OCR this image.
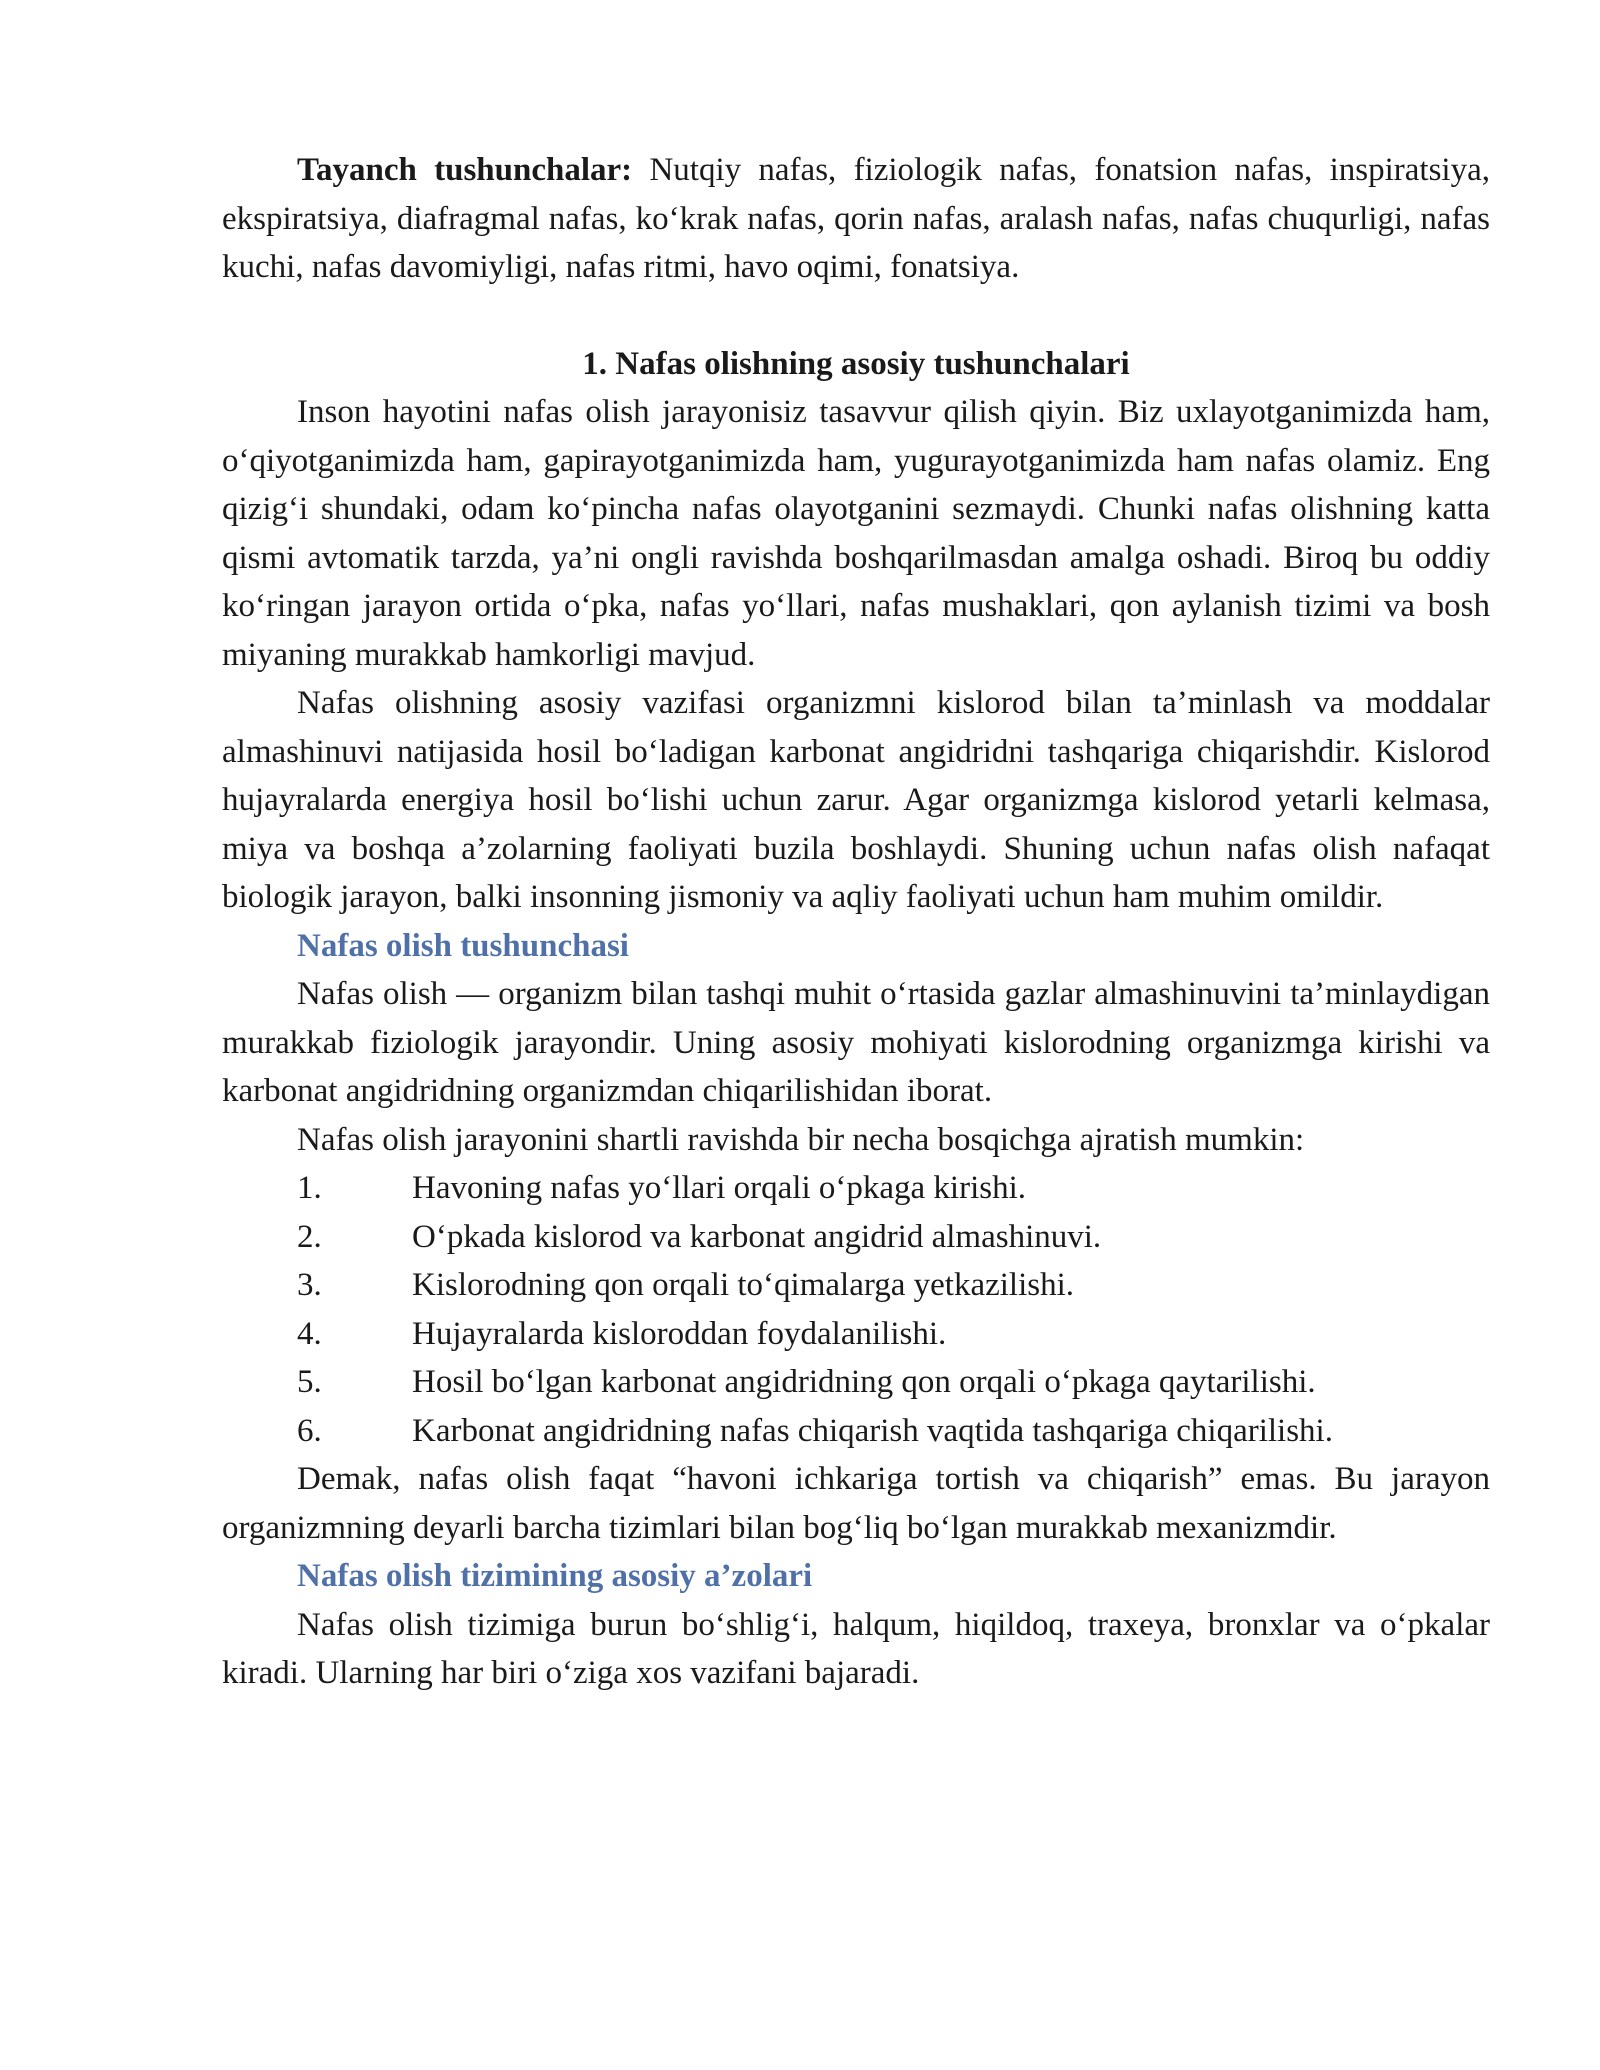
Tayanch tushunchalar: Nutqiy nafas, fiziologik nafas, fonatsion nafas, inspiratsiya, ekspiratsiya, diafragmal nafas, ko‘krak nafas, qorin nafas, aralash nafas, nafas chuqurligi, nafas kuchi, nafas davomiyligi, nafas ritmi, havo oqimi, fonatsiya.

1. Nafas olishning asosiy tushunchalari

Inson hayotini nafas olish jarayonisiz tasavvur qilish qiyin. Biz uxlayotganimizda ham, o‘qiyotganimizda ham, gapirayotganimizda ham, yugurayotganimizda ham nafas olamiz. Eng qizig‘i shundaki, odam ko‘pincha nafas olayotganini sezmaydi. Chunki nafas olishning katta qismi avtomatik tarzda, ya’ni ongli ravishda boshqarilmasdan amalga oshadi. Biroq bu oddiy ko‘ringan jarayon ortida o‘pka, nafas yo‘llari, nafas mushaklari, qon aylanish tizimi va bosh miyaning murakkab hamkorligi mavjud.

Nafas olishning asosiy vazifasi organizmni kislorod bilan ta’minlash va moddalar almashinuvi natijasida hosil bo‘ladigan karbonat angidridni tashqariga chiqarishdir. Kislorod hujayralarda energiya hosil bo‘lishi uchun zarur. Agar organizmga kislorod yetarli kelmasa, miya va boshqa a’zolarning faoliyati buzila boshlaydi. Shuning uchun nafas olish nafaqat biologik jarayon, balki insonning jismoniy va aqliy faoliyati uchun ham muhim omildir.

Nafas olish tushunchasi

Nafas olish — organizm bilan tashqi muhit o‘rtasida gazlar almashinuvini ta’minlaydigan murakkab fiziologik jarayondir. Uning asosiy mohiyati kislorodning organizmga kirishi va karbonat angidridning organizmdan chiqarilishidan iborat.

Nafas olish jarayonini shartli ravishda bir necha bosqichga ajratish mumkin:

1.	Havoning nafas yo‘llari orqali o‘pkaga kirishi.
2.	O‘pkada kislorod va karbonat angidrid almashinuvi.
3.	Kislorodning qon orqali to‘qimalarga yetkazilishi.
4.	Hujayralarda kisloroddan foydalanilishi.
5.	Hosil bo‘lgan karbonat angidridning qon orqali o‘pkaga qaytarilishi.
6.	Karbonat angidridning nafas chiqarish vaqtida tashqariga chiqarilishi.

Demak, nafas olish faqat “havoni ichkariga tortish va chiqarish” emas. Bu jarayon organizmning deyarli barcha tizimlari bilan bog‘liq bo‘lgan murakkab mexanizmdir.

Nafas olish tizimining asosiy a’zolari

Nafas olish tizimiga burun bo‘shlig‘i, halqum, hiqildoq, traxeya, bronxlar va o‘pkalar kiradi. Ularning har biri o‘ziga xos vazifani bajaradi.
